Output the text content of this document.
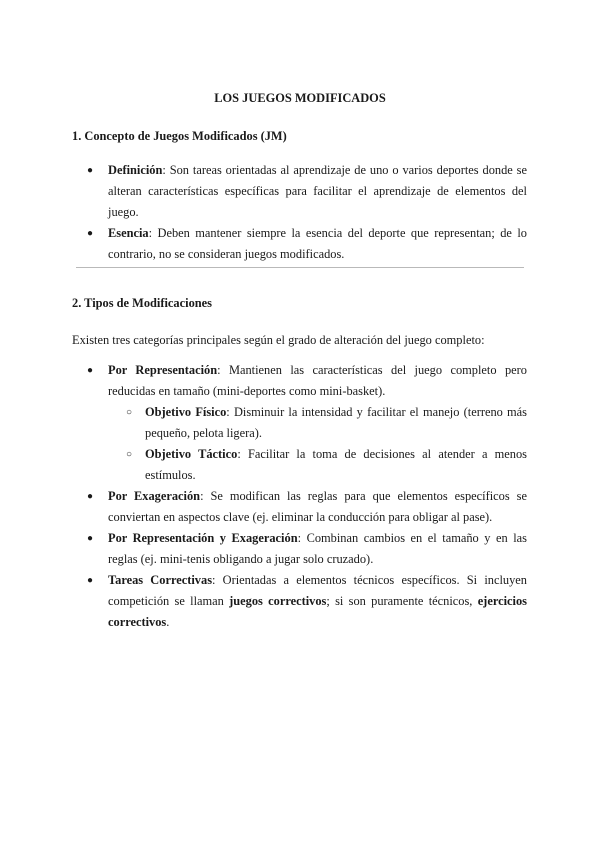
LOS JUEGOS MODIFICADOS
1. Concepto de Juegos Modificados (JM)
● Definición: Son tareas orientadas al aprendizaje de uno o varios deportes donde se alteran características específicas para facilitar el aprendizaje de elementos del juego.
● Esencia: Deben mantener siempre la esencia del deporte que representan; de lo contrario, no se consideran juegos modificados.
2. Tipos de Modificaciones
Existen tres categorías principales según el grado de alteración del juego completo:
● Por Representación: Mantienen las características del juego completo pero reducidas en tamaño (mini-deportes como mini-basket).
○ Objetivo Físico: Disminuir la intensidad y facilitar el manejo (terreno más pequeño, pelota ligera).
○ Objetivo Táctico: Facilitar la toma de decisiones al atender a menos estímulos.
● Por Exageración: Se modifican las reglas para que elementos específicos se conviertan en aspectos clave (ej. eliminar la conducción para obligar al pase).
● Por Representación y Exageración: Combinan cambios en el tamaño y en las reglas (ej. mini-tenis obligando a jugar solo cruzado).
● Tareas Correctivas: Orientadas a elementos técnicos específicos. Si incluyen competición se llaman juegos correctivos; si son puramente técnicos, ejercicios correctivos.
